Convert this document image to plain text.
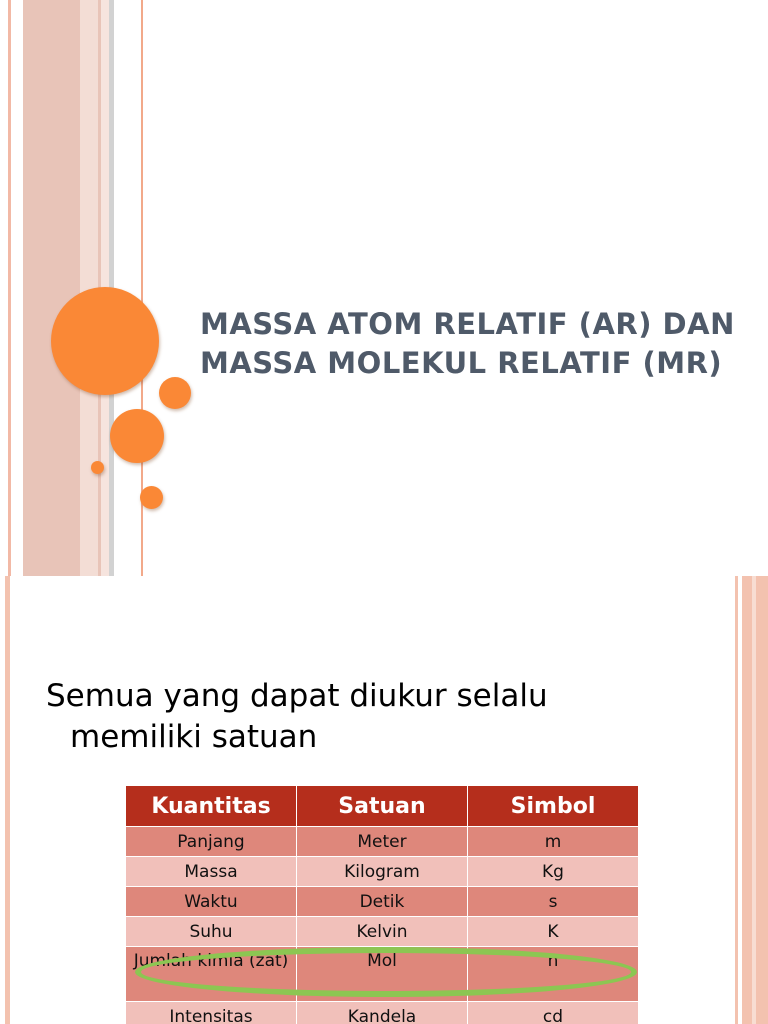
MASSA ATOM RELATIF (AR) DAN MASSA MOLEKUL RELATIF (MR)

Semua yang dapat diukur selalu
memiliki satuan

Kuantitas	Satuan	Simbol
Panjang	Meter	m
Massa	Kilogram	Kg
Waktu	Detik	s
Suhu	Kelvin	K
Jumlah kimia (zat)	Mol	n
Intensitas	Kandela	cd
